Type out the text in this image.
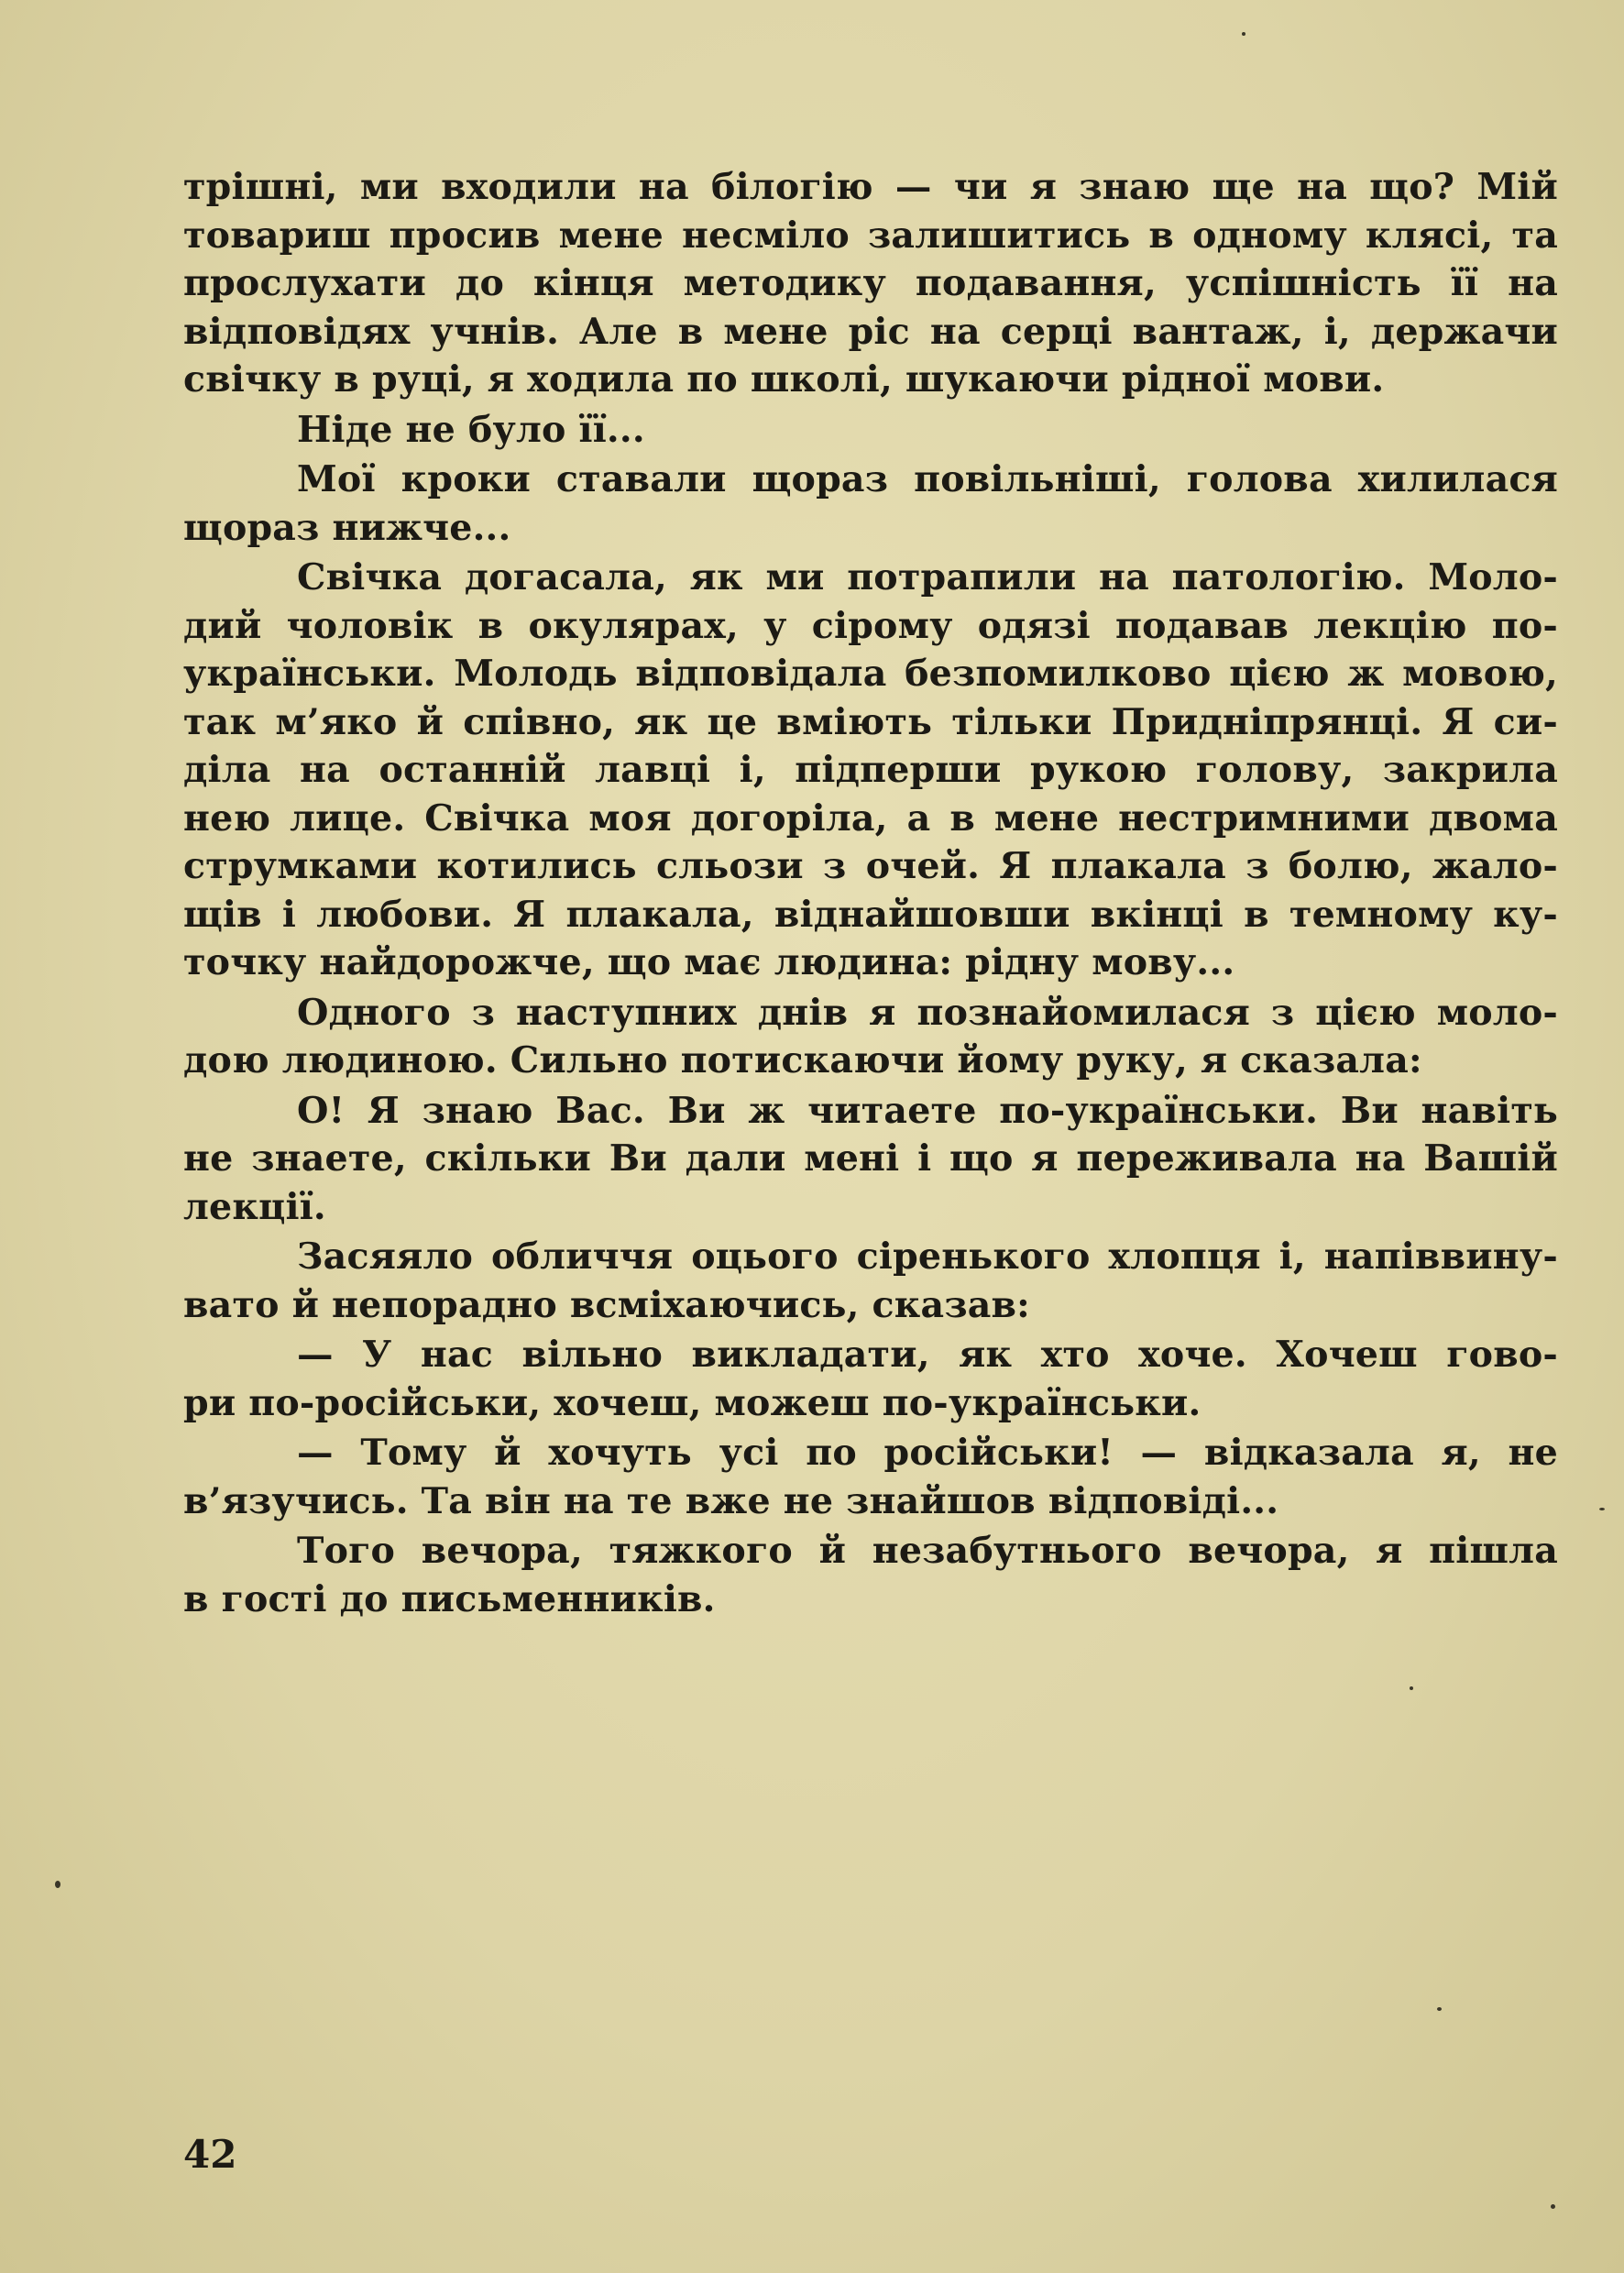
трішні, ми входили на білогію — чи я знаю ще на що? Мій
товариш просив мене несміло залишитись в одному клясі, та
прослухати до кінця методику подавання, успішність її на
відповідях учнів. Але в мене ріс на серці вантаж, і, держачи
свічку в руці, я ходила по школі, шукаючи рідної мови.
Ніде не було її...
Мої кроки ставали щораз повільніші, голова хилилася
щораз нижче...
Свічка догасала, як ми потрапили на патологію. Моло-
дий чоловік в окулярах, у сірому одязі подавав лекцію по-
українськи. Молодь відповідала безпомилково цією ж мовою,
так м’яко й співно, як це вміють тільки Придніпрянці. Я си-
діла на останній лавці і, підперши рукою голову, закрила
нею лице. Свічка моя догоріла, а в мене нестримними двома
струмками котились сльози з очей. Я плакала з болю, жало-
щів і любови. Я плакала, віднайшовши вкінці в темному ку-
точку найдорожче, що має людина: рідну мову...
Одного з наступних днів я познайомилася з цією моло-
дою людиною. Сильно потискаючи йому руку, я сказала:
О! Я знаю Вас. Ви ж читаете по-українськи. Ви навіть
не знаете, скільки Ви дали мені і що я переживала на Вашій
лекції.
Засяяло обличчя оцього сіренького хлопця і, напіввину-
вато й непорадно всміхаючись, сказав:
— У нас вільно викладати, як хто хоче. Хочеш гово-
ри по-російськи, хочеш, можеш по-українськи.
— Тому й хочуть усі по російськи! — відказала я, не
в’язучись. Та він на те вже не знайшов відповіді...
Того вечора, тяжкого й незабутнього вечора, я пішла
в гості до письменників.
42
